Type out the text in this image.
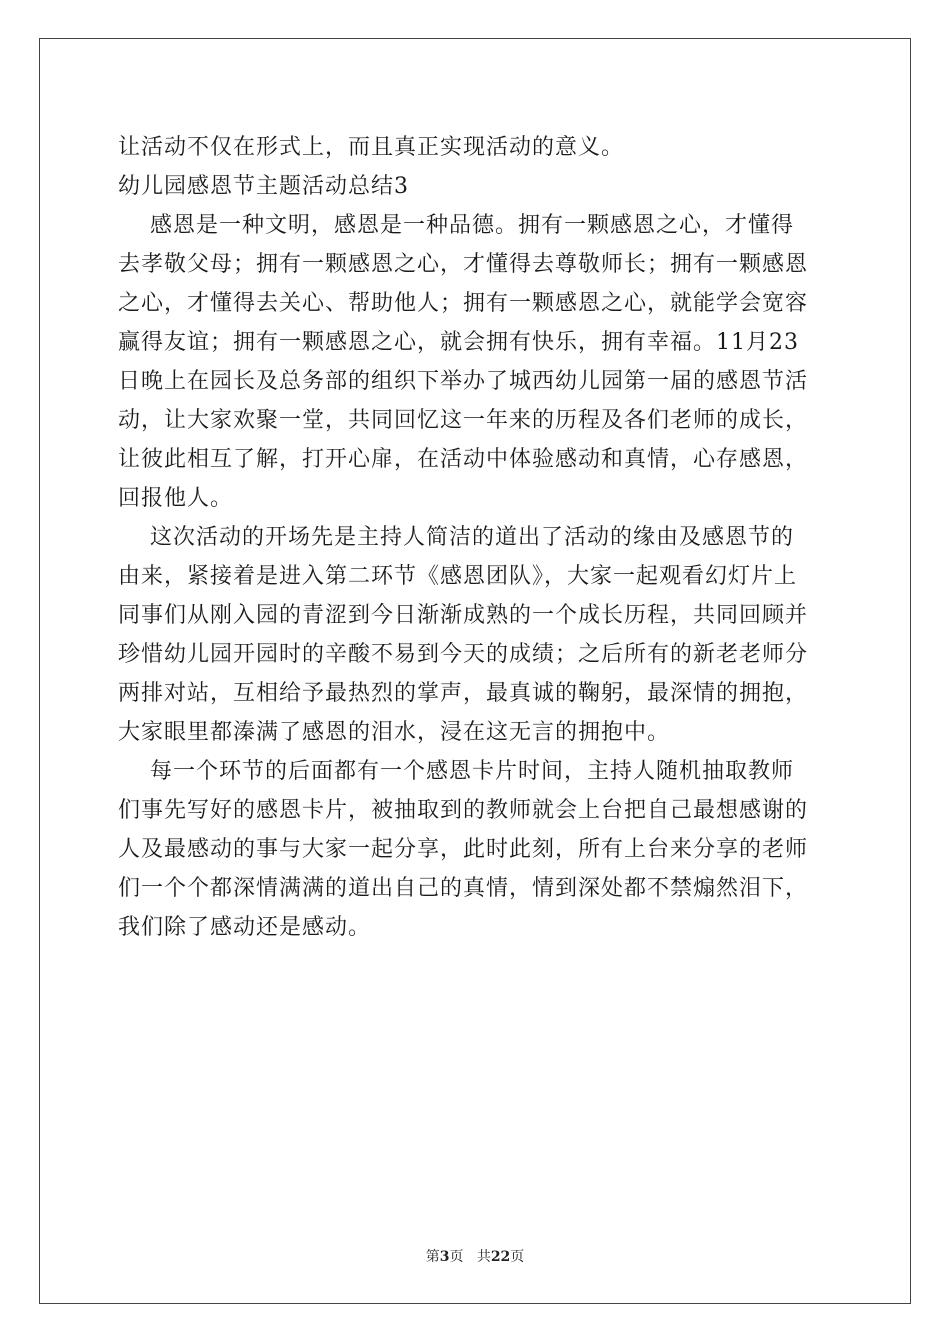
让活动不仅在形式上，而且真正实现活动的意义。
幼儿园感恩节主题活动总结3
感恩是一种文明，感恩是一种品德。拥有一颗感恩之心，才懂得
去孝敬父母；拥有一颗感恩之心，才懂得去尊敬师长；拥有一颗感恩
之心，才懂得去关心、帮助他人；拥有一颗感恩之心，就能学会宽容
赢得友谊；拥有一颗感恩之心，就会拥有快乐，拥有幸福。11月23
日晚上在园长及总务部的组织下举办了城西幼儿园第一届的感恩节活
动，让大家欢聚一堂，共同回忆这一年来的历程及各们老师的成长，
让彼此相互了解，打开心扉，在活动中体验感动和真情，心存感恩，
回报他人。
这次活动的开场先是主持人简洁的道出了活动的缘由及感恩节的
由来，紧接着是进入第二环节《感恩团队》，大家一起观看幻灯片上
同事们从刚入园的青涩到今日渐渐成熟的一个成长历程，共同回顾并
珍惜幼儿园开园时的辛酸不易到今天的成绩；之后所有的新老老师分
两排对站，互相给予最热烈的掌声，最真诚的鞠躬，最深情的拥抱，
大家眼里都溱满了感恩的泪水，浸在这无言的拥抱中。
每一个环节的后面都有一个感恩卡片时间，主持人随机抽取教师
们事先写好的感恩卡片，被抽取到的教师就会上台把自己最想感谢的
人及最感动的事与大家一起分享，此时此刻，所有上台来分享的老师
们一个个都深情满满的道出自己的真情，情到深处都不禁煽然泪下，
我们除了感动还是感动。
第3页 共22页
